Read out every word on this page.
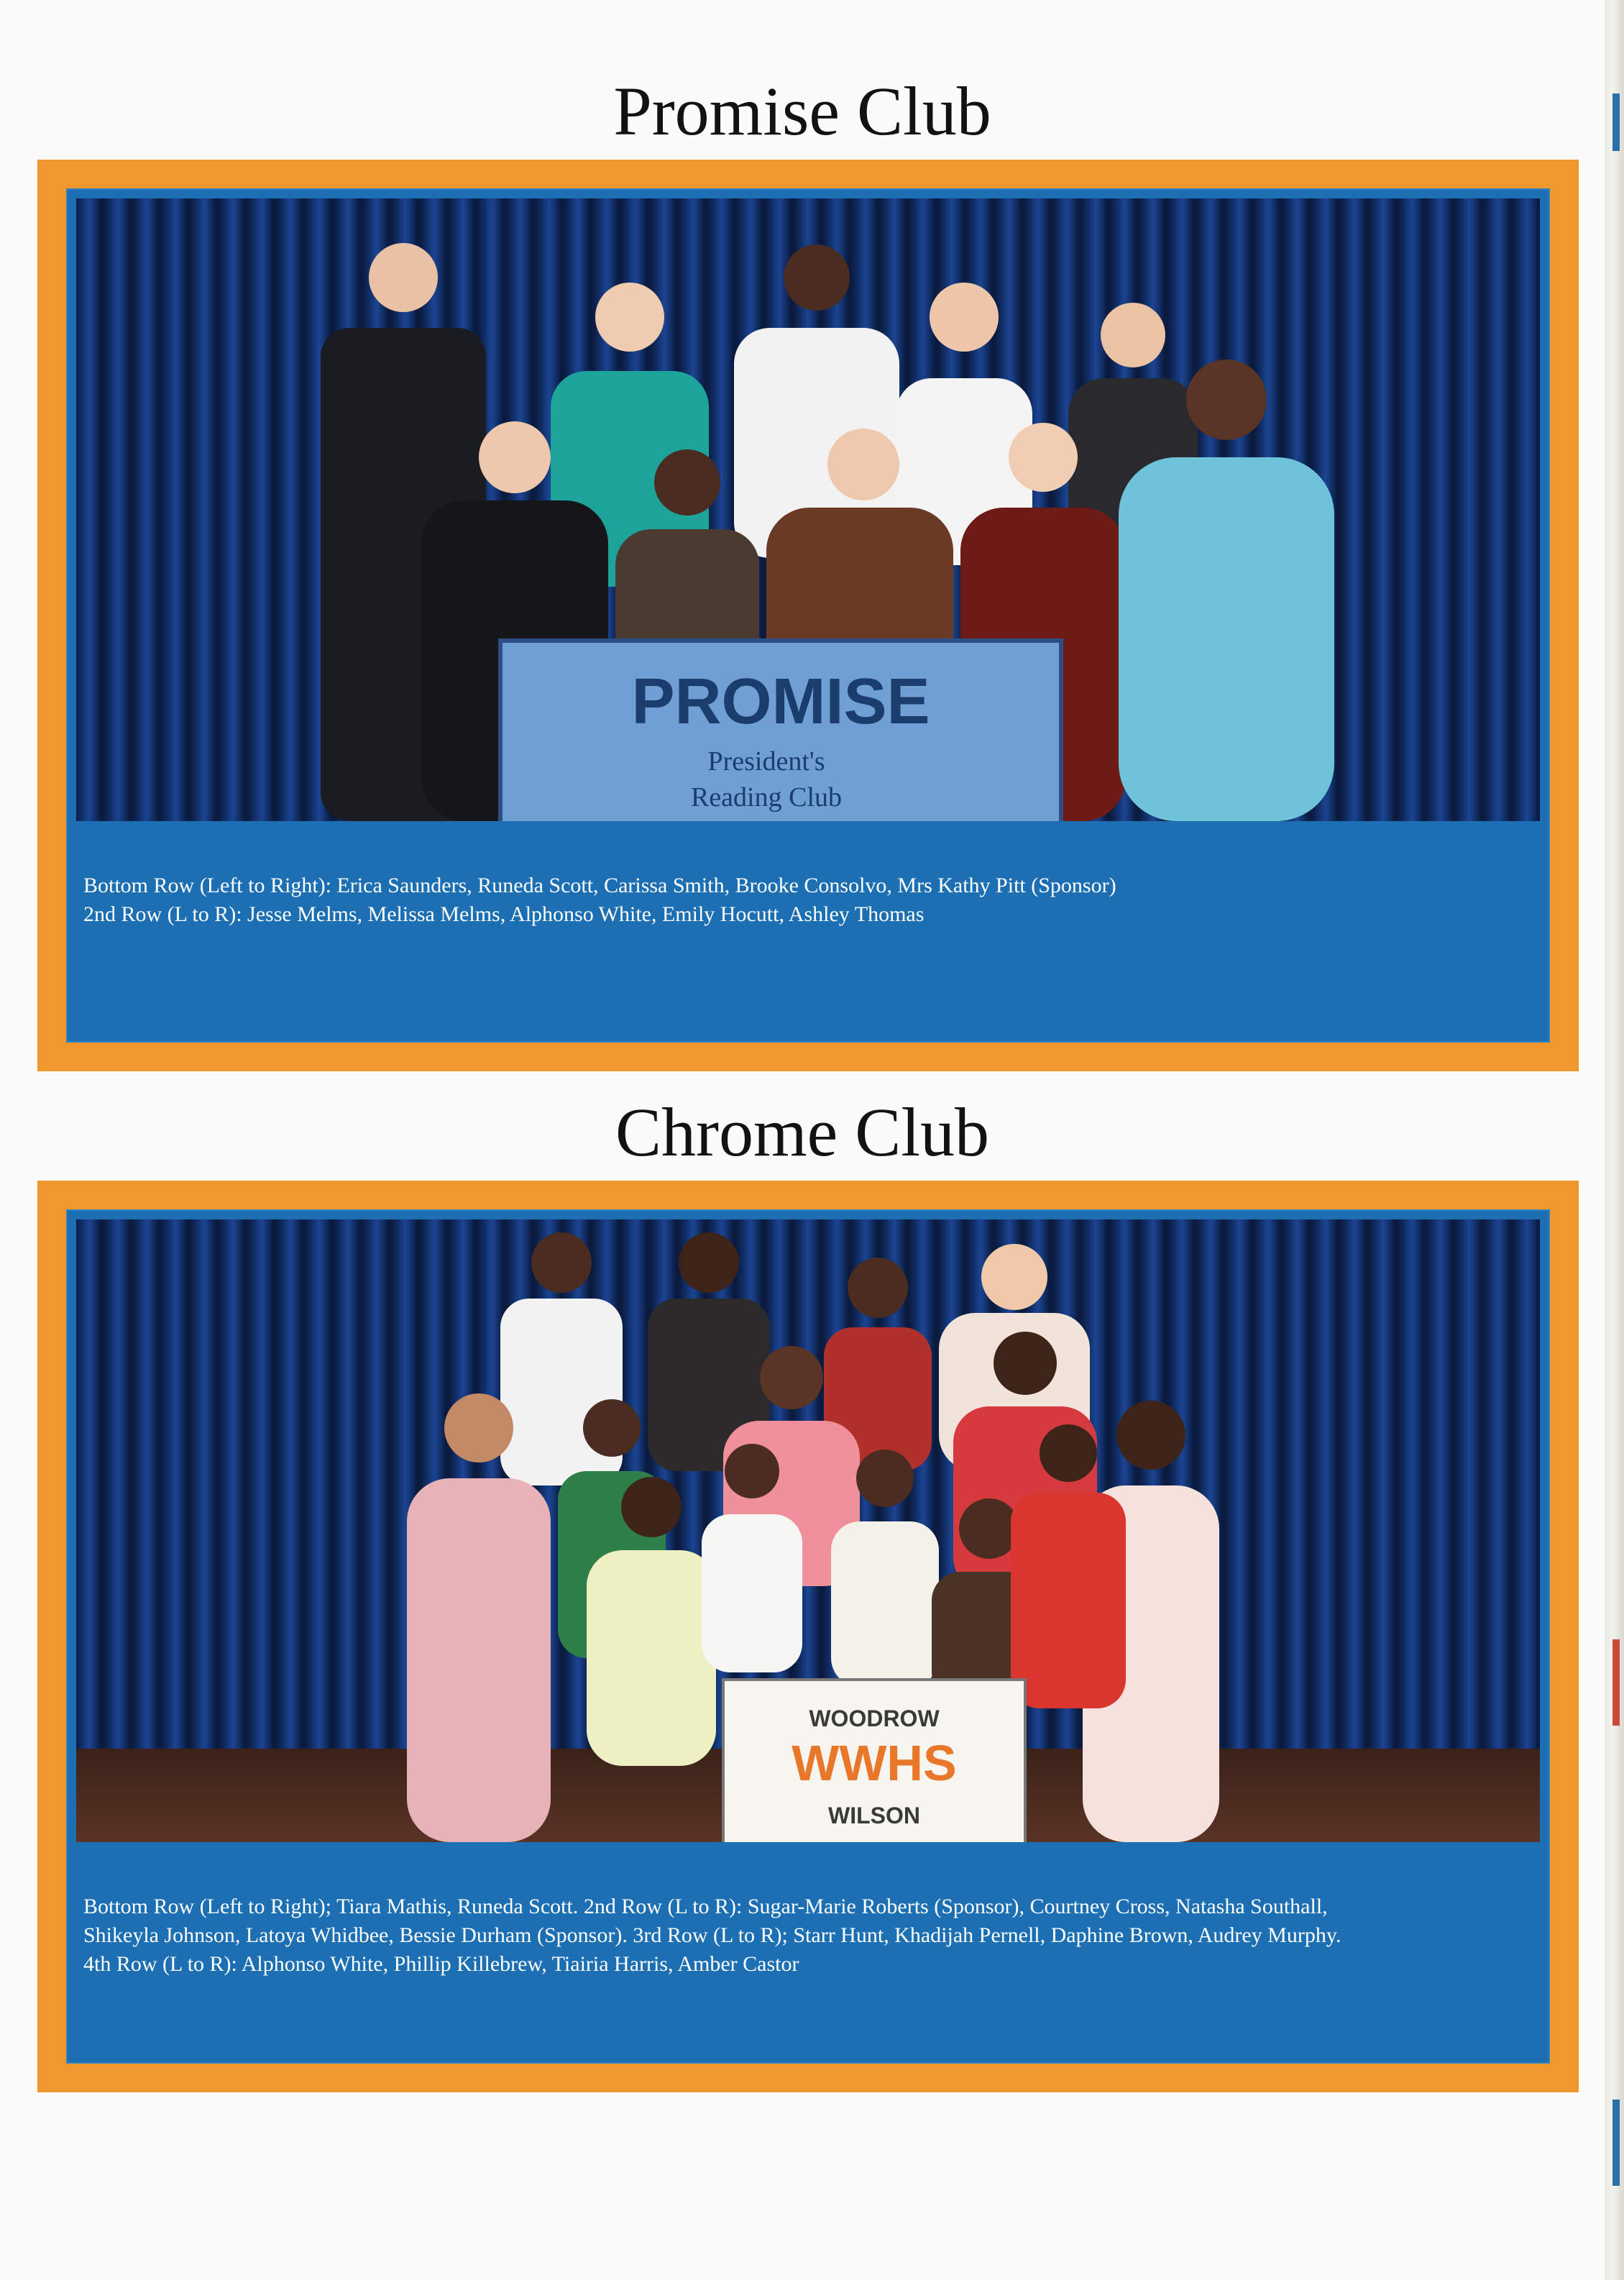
Promise Club
PROMISE
President's
Reading Club

Bottom Row (Left to Right): Erica Saunders, Runeda Scott, Carissa Smith, Brooke Consolvo, Mrs Kathy Pitt (Sponsor)

2nd Row (L to R): Jesse Melms, Melissa Melms, Alphonso White, Emily Hocutt, Ashley Thomas

Chrome Club
WOODROW
WWHS
WILSON

Bottom Row (Left to Right); Tiara Mathis, Runeda Scott. 2nd Row (L to R): Sugar-Marie Roberts (Sponsor), Courtney Cross, Natasha Southall,

Shikeyla Johnson, Latoya Whidbee, Bessie Durham (Sponsor). 3rd Row (L to R); Starr Hunt, Khadijah Pernell, Daphine Brown, Audrey Murphy.

4th Row (L to R): Alphonso White, Phillip Killebrew, Tiairia Harris, Amber Castor
